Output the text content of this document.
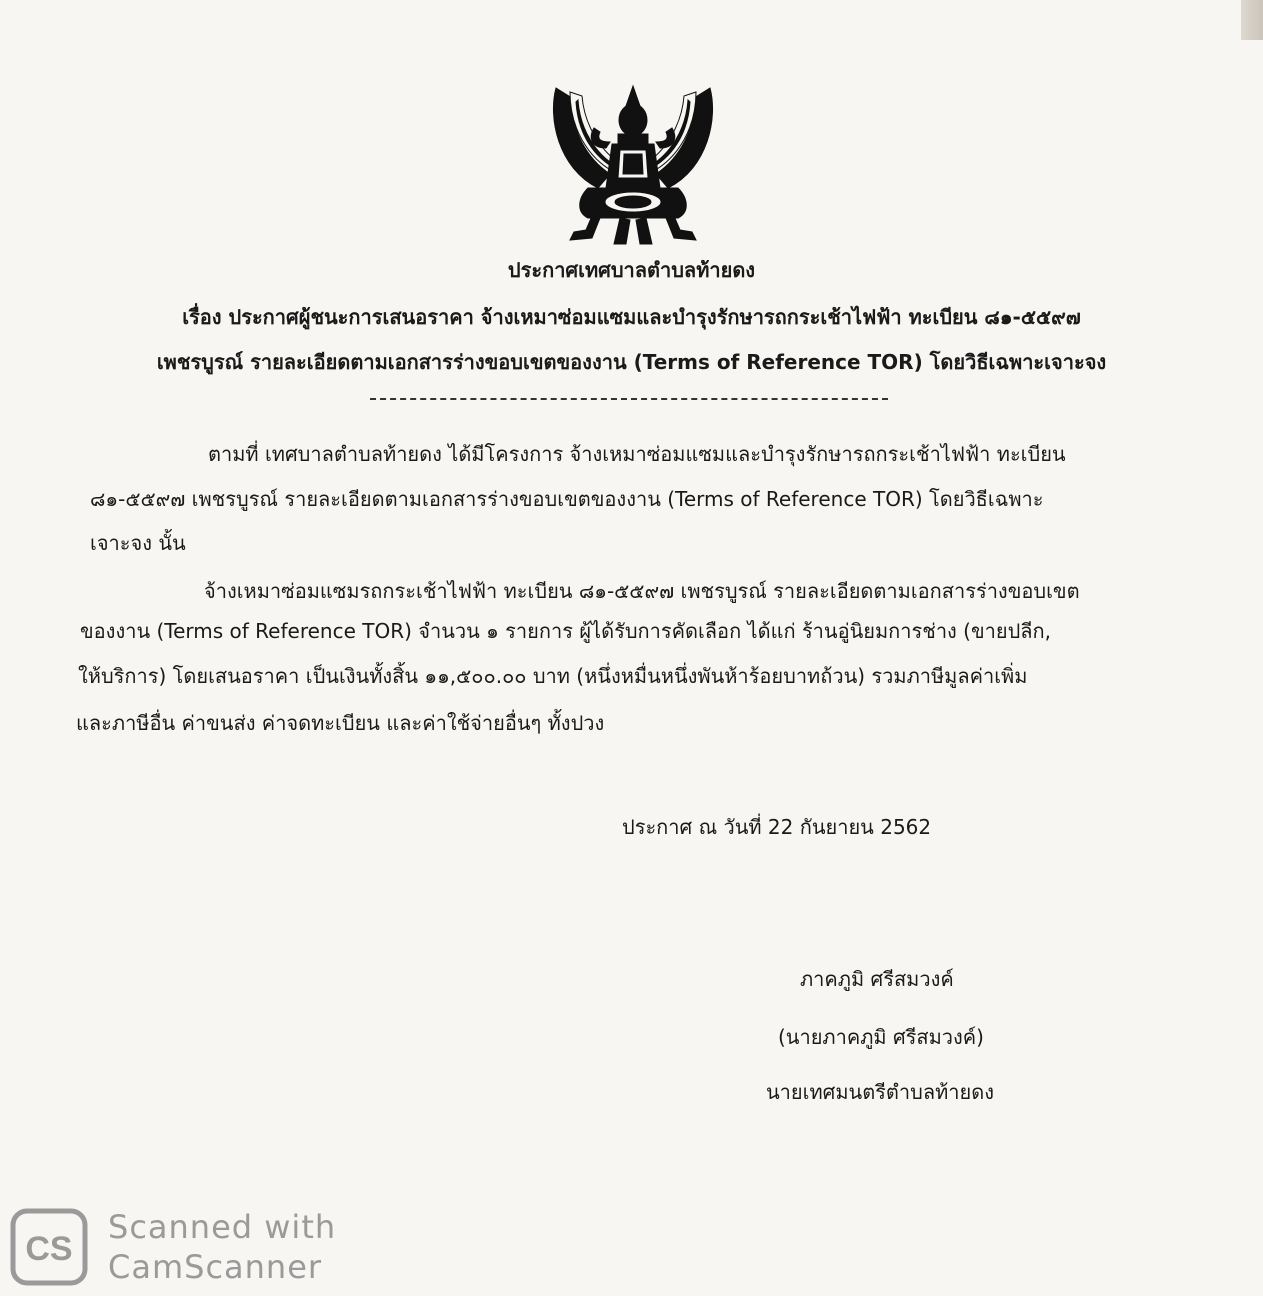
ประกาศเทศบาลตำบลท้ายดง
เรื่อง ประกาศผู้ชนะการเสนอราคา จ้างเหมาซ่อมแซมและบำรุงรักษารถกระเช้าไฟฟ้า ทะเบียน ๘๑-๕๕๙๗
เพชรบูรณ์ รายละเอียดตามเอกสารร่างขอบเขตของงาน (Terms of Reference TOR) โดยวิธีเฉพาะเจาะจง
ตามที่ เทศบาลตำบลท้ายดง ได้มีโครงการ จ้างเหมาซ่อมแซมและบำรุงรักษารถกระเช้าไฟฟ้า ทะเบียน
๘๑-๕๕๙๗ เพชรบูรณ์ รายละเอียดตามเอกสารร่างขอบเขตของงาน (Terms of Reference TOR) โดยวิธีเฉพาะ
เจาะจง นั้น
จ้างเหมาซ่อมแซมรถกระเช้าไฟฟ้า ทะเบียน ๘๑-๕๕๙๗ เพชรบูรณ์ รายละเอียดตามเอกสารร่างขอบเขต
ของงาน (Terms of Reference TOR) จำนวน ๑ รายการ ผู้ได้รับการคัดเลือก ได้แก่ ร้านอู่นิยมการช่าง (ขายปลีก,
ให้บริการ) โดยเสนอราคา เป็นเงินทั้งสิ้น ๑๑,๕๐๐.๐๐ บาท (หนึ่งหมื่นหนึ่งพันห้าร้อยบาทถ้วน) รวมภาษีมูลค่าเพิ่ม
และภาษีอื่น ค่าขนส่ง ค่าจดทะเบียน และค่าใช้จ่ายอื่นๆ ทั้งปวง
ประกาศ ณ วันที่ 22 กันยายน 2562
ภาคภูมิ ศรีสมวงค์
(นายภาคภูมิ ศรีสมวงค์)
นายเทศมนตรีตำบลท้ายดง
CS
Scanned with
CamScanner
